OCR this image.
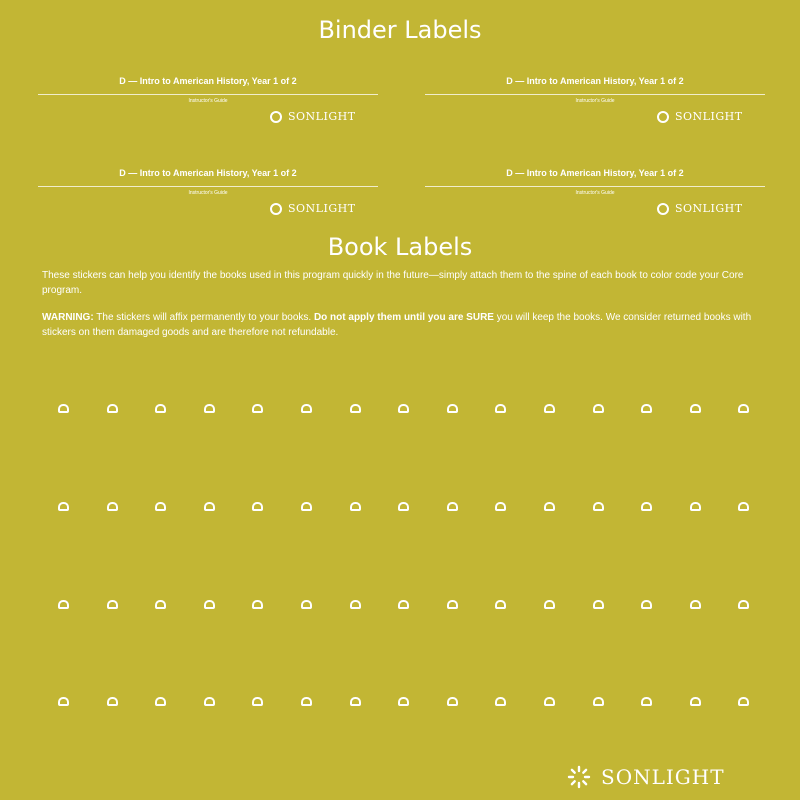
Binder Labels
D — Intro to American History, Year 1 of 2
Instructor's Guide
SONLIGHT
D — Intro to American History, Year 1 of 2
Instructor's Guide
SONLIGHT
D — Intro to American History, Year 1 of 2
Instructor's Guide
SONLIGHT
D — Intro to American History, Year 1 of 2
Instructor's Guide
SONLIGHT
Book Labels
These stickers can help you identify the books used in this program quickly in the future—simply attach them to the spine of each book to color code your Core program.
WARNING: The stickers will affix permanently to your books. Do not apply them until you are SURE you will keep the books. We consider returned books with stickers on them damaged goods and are therefore not refundable.
SONLIGHT
